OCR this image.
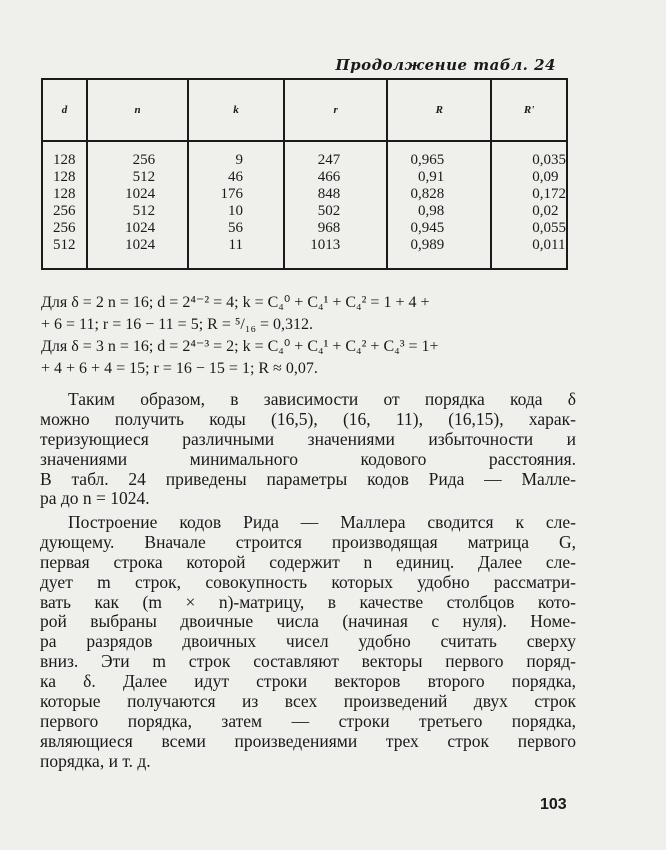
Продолжение табл. 24
d	n	k	r	R	R'
128	256	9	247	0,965	0,035
128	512	46	466	0,91	0,09
128	1024	176	848	0,828	0,172
256	512	10	502	0,98	0,02
256	1024	56	968	0,945	0,055
512	1024	11	1013	0,989	0,011
Для δ = 2 n = 16; d = 2⁴⁻² = 4; k = C₄⁰ + C₄¹ + C₄² = 1 + 4 +
+ 6 = 11; r = 16 − 11 = 5; R = ⁵/₁₆ = 0,312.
Для δ = 3 n = 16; d = 2⁴⁻³ = 2; k = C₄⁰ + C₄¹ + C₄² + C₄³ = 1+
+ 4 + 6 + 4 = 15; r = 16 − 15 = 1; R ≈ 0,07.
Таким образом, в зависимости от порядка кода δ
можно получить коды (16,5), (16, 11), (16,15), харак-
теризующиеся различными значениями избыточности и
значениями минимального кодового расстояния.
В табл. 24 приведены параметры кодов Рида — Малле-
ра до n = 1024.
Построение кодов Рида — Маллера сводится к сле-
дующему. Вначале строится производящая матрица G,
первая строка которой содержит n единиц. Далее сле-
дует m строк, совокупность которых удобно рассматри-
вать как (m × n)-матрицу, в качестве столбцов кото-
рой выбраны двоичные числа (начиная с нуля). Номе-
ра разрядов двоичных чисел удобно считать сверху
вниз. Эти m строк составляют векторы первого поряд-
ка δ. Далее идут строки векторов второго порядка,
которые получаются из всех произведений двух строк
первого порядка, затем — строки третьего порядка,
являющиеся всеми произведениями трех строк первого
порядка, и т. д.
103
